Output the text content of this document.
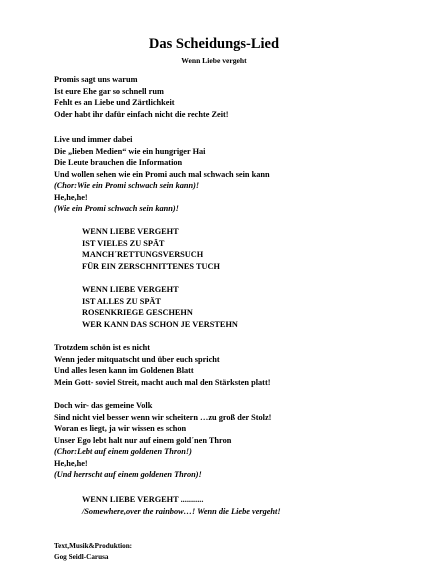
Das Scheidungs-Lied
Wenn Liebe vergeht
Promis sagt uns warum
Ist eure Ehe gar so schnell rum
Fehlt es an Liebe und Zärtlichkeit
Oder habt ihr dafür einfach nicht die rechte Zeit!
Live und immer dabei
Die „lieben Medien“ wie ein hungriger Hai
Die Leute brauchen die Information
Und wollen sehen wie ein Promi auch mal schwach sein kann
(Chor:Wie ein Promi schwach sein kann)!
He,he,he!
(Wie ein Promi schwach sein kann)!
WENN LIEBE VERGEHT
IST VIELES ZU SPÄT
MANCH´RETTUNGSVERSUCH
FÜR EIN ZERSCHNITTENES TUCH
WENN LIEBE VERGEHT
IST ALLES ZU SPÄT
ROSENKRIEGE GESCHEHN
WER KANN DAS SCHON JE VERSTEHN
Trotzdem schön ist es nicht
Wenn jeder mitquatscht und über euch spricht
Und alles lesen kann im Goldenen Blatt
Mein Gott- soviel Streit, macht auch mal den Stärksten platt!
Doch wir- das gemeine Volk
Sind nicht viel besser wenn wir scheitern …zu groß der Stolz!
Woran es liegt, ja wir wissen es schon
Unser Ego lebt halt nur auf einem gold´nen Thron
(Chor:Lebt auf einem goldenen Thron!)
He,he,he!
(Und herrscht auf einem goldenen Thron)!
WENN LIEBE VERGEHT ...........
/Somewhere,over the rainbow…! Wenn die Liebe vergeht!
Text,Musik&Produktion:
Gog Seidl-Carusa
